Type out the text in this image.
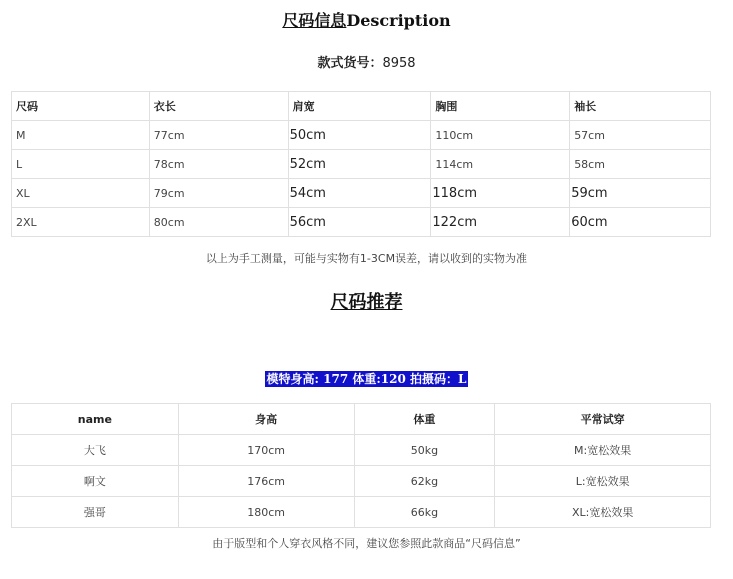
尺码信息Description
款式货号：8958
尺码	衣长	肩宽	胸围	袖长
M	77cm	50cm	110cm	57cm
L	78cm	52cm	114cm	58cm
XL	79cm	54cm	118cm	59cm
2XL	80cm	56cm	122cm	60cm
以上为手工测量，可能与实物有1-3CM误差，请以收到的实物为准
尺码推荐
模特身高: 177 体重:120 拍摄码：L
name	身高	体重	平常试穿
大飞	170cm	50kg	M:宽松效果
啊文	176cm	62kg	L:宽松效果
强哥	180cm	66kg	XL:宽松效果
由于版型和个人穿衣风格不同，建议您参照此款商品“尺码信息”
